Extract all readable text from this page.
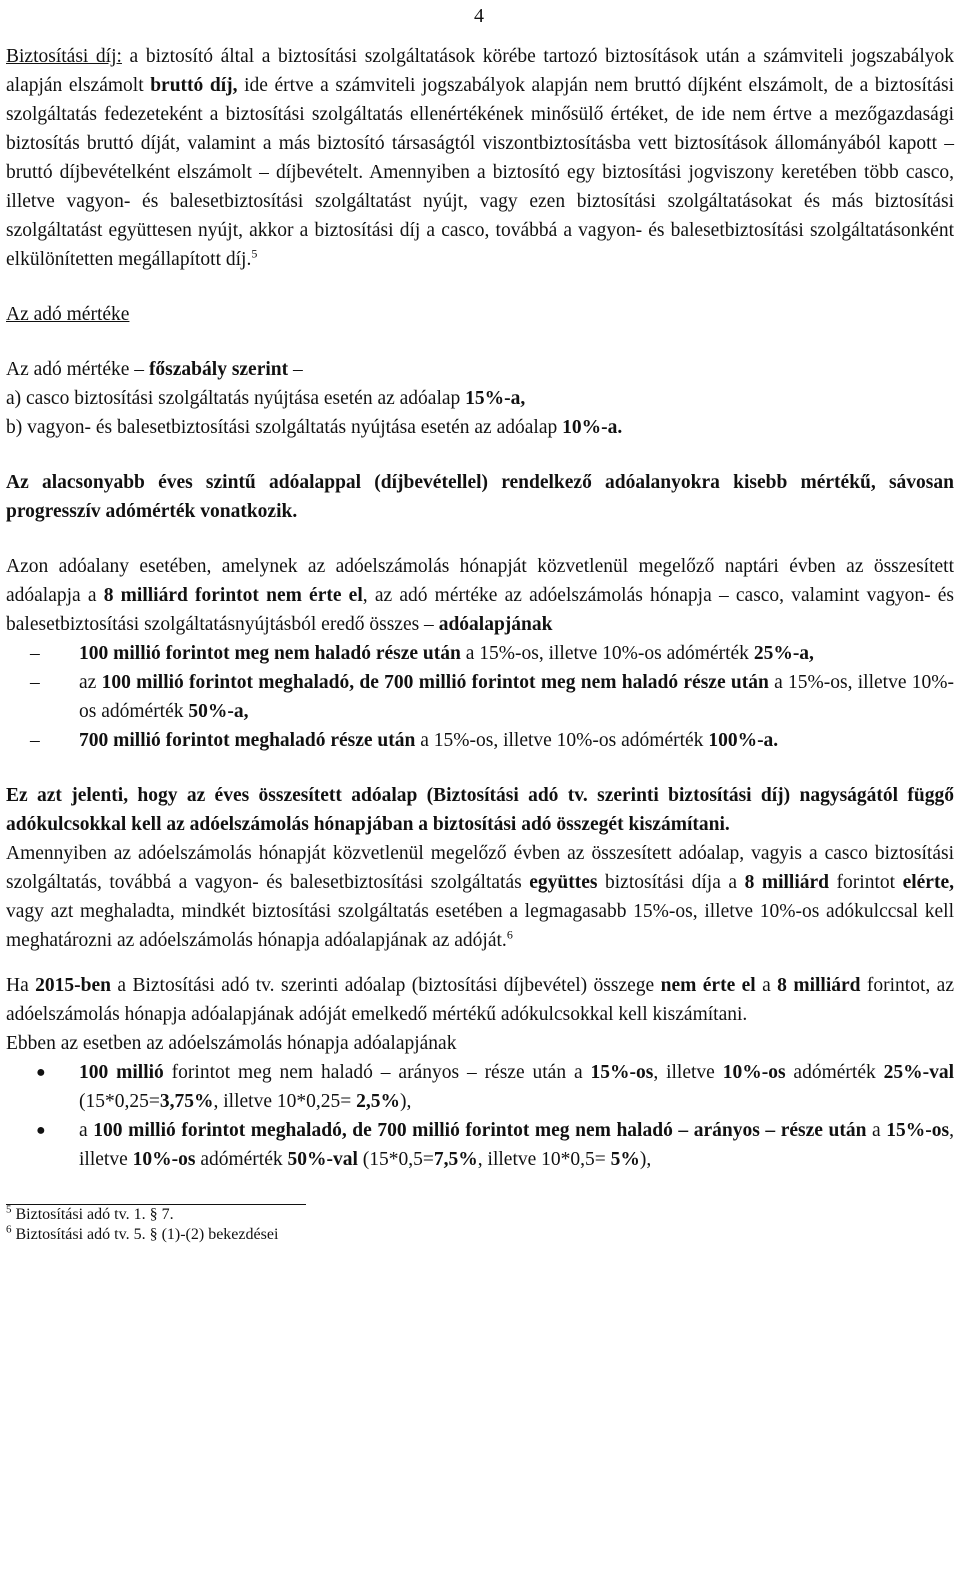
4

Biztosítási díj: a biztosító által a biztosítási szolgáltatások körébe tartozó biztosítások után a számviteli jogszabályok alapján elszámolt bruttó díj, ide értve a számviteli jogszabályok alapján nem bruttó díjként elszámolt, de a biztosítási szolgáltatás fedezeteként a biztosítási szolgáltatás ellenértékének minősülő értéket, de ide nem értve a mezőgazdasági biztosítás bruttó díját, valamint a más biztosító társaságtól viszontbiztosításba vett biztosítások állományából kapott – bruttó díjbevételként elszámolt – díjbevételt. Amennyiben a biztosító egy biztosítási jogviszony keretében több casco, illetve vagyon- és balesetbiztosítási szolgáltatást nyújt, vagy ezen biztosítási szolgáltatásokat és más biztosítási szolgáltatást együttesen nyújt, akkor a biztosítási díj a casco, továbbá a vagyon- és balesetbiztosítási szolgáltatásonként elkülönítetten megállapított díj.$^5$

Az adó mértéke

Az adó mértéke – főszabály szerint –

a) casco biztosítási szolgáltatás nyújtása esetén az adóalap 15%-a,

b) vagyon- és balesetbiztosítási szolgáltatás nyújtása esetén az adóalap 10%-a.

Az alacsonyabb éves szintű adóalappal (díjbevétellel) rendelkező adóalanyokra kisebb mértékű, sávosan progresszív adómérték vonatkozik.

Azon adóalany esetében, amelynek az adóelszámolás hónapját közvetlenül megelőző naptári évben az összesített adóalapja a 8 milliárd forintot nem érte el, az adó mértéke az adóelszámolás hónapja – casco, valamint vagyon- és balesetbiztosítási szolgáltatásnyújtásból eredő összes – adóalapjának

– 100 millió forintot meg nem haladó része után a 15%-os, illetve 10%-os adómérték 25%-a,
– az 100 millió forintot meghaladó, de 700 millió forintot meg nem haladó része után a 15%-os, illetve 10%-os adómérték 50%-a,
– 700 millió forintot meghaladó része után a 15%-os, illetve 10%-os adómérték 100%-a.

Ez azt jelenti, hogy az éves összesített adóalap (Biztosítási adó tv. szerinti biztosítási díj) nagyságától függő adókulcsokkal kell az adóelszámolás hónapjában a biztosítási adó összegét kiszámítani.

Amennyiben az adóelszámolás hónapját közvetlenül megelőző évben az összesített adóalap, vagyis a casco biztosítási szolgáltatás, továbbá a vagyon- és balesetbiztosítási szolgáltatás együttes biztosítási díja a 8 milliárd forintot elérte, vagy azt meghaladta, mindkét biztosítási szolgáltatás esetében a legmagasabb 15%-os, illetve 10%-os adókulccsal kell meghatározni az adóelszámolás hónapja adóalapjának az adóját.$^6$

Ha 2015-ben a Biztosítási adó tv. szerinti adóalap (biztosítási díjbevétel) összege nem érte el a 8 milliárd forintot, az adóelszámolás hónapja adóalapjának adóját emelkedő mértékű adókulcsokkal kell kiszámítani.

Ebben az esetben az adóelszámolás hónapja adóalapjának

● 100 millió forintot meg nem haladó – arányos – része után a 15%-os, illetve 10%-os adómérték 25%-val (15*0,25=3,75%, illetve 10*0,25= 2,5%),
● a 100 millió forintot meghaladó, de 700 millió forintot meg nem haladó – arányos – része után a 15%-os, illetve 10%-os adómérték 50%-val (15*0,5=7,5%, illetve 10*0,5= 5%),
$^5$ Biztosítási adó tv. 1. § 7.
$^6$ Biztosítási adó tv. 5. § (1)-(2) bekezdései
